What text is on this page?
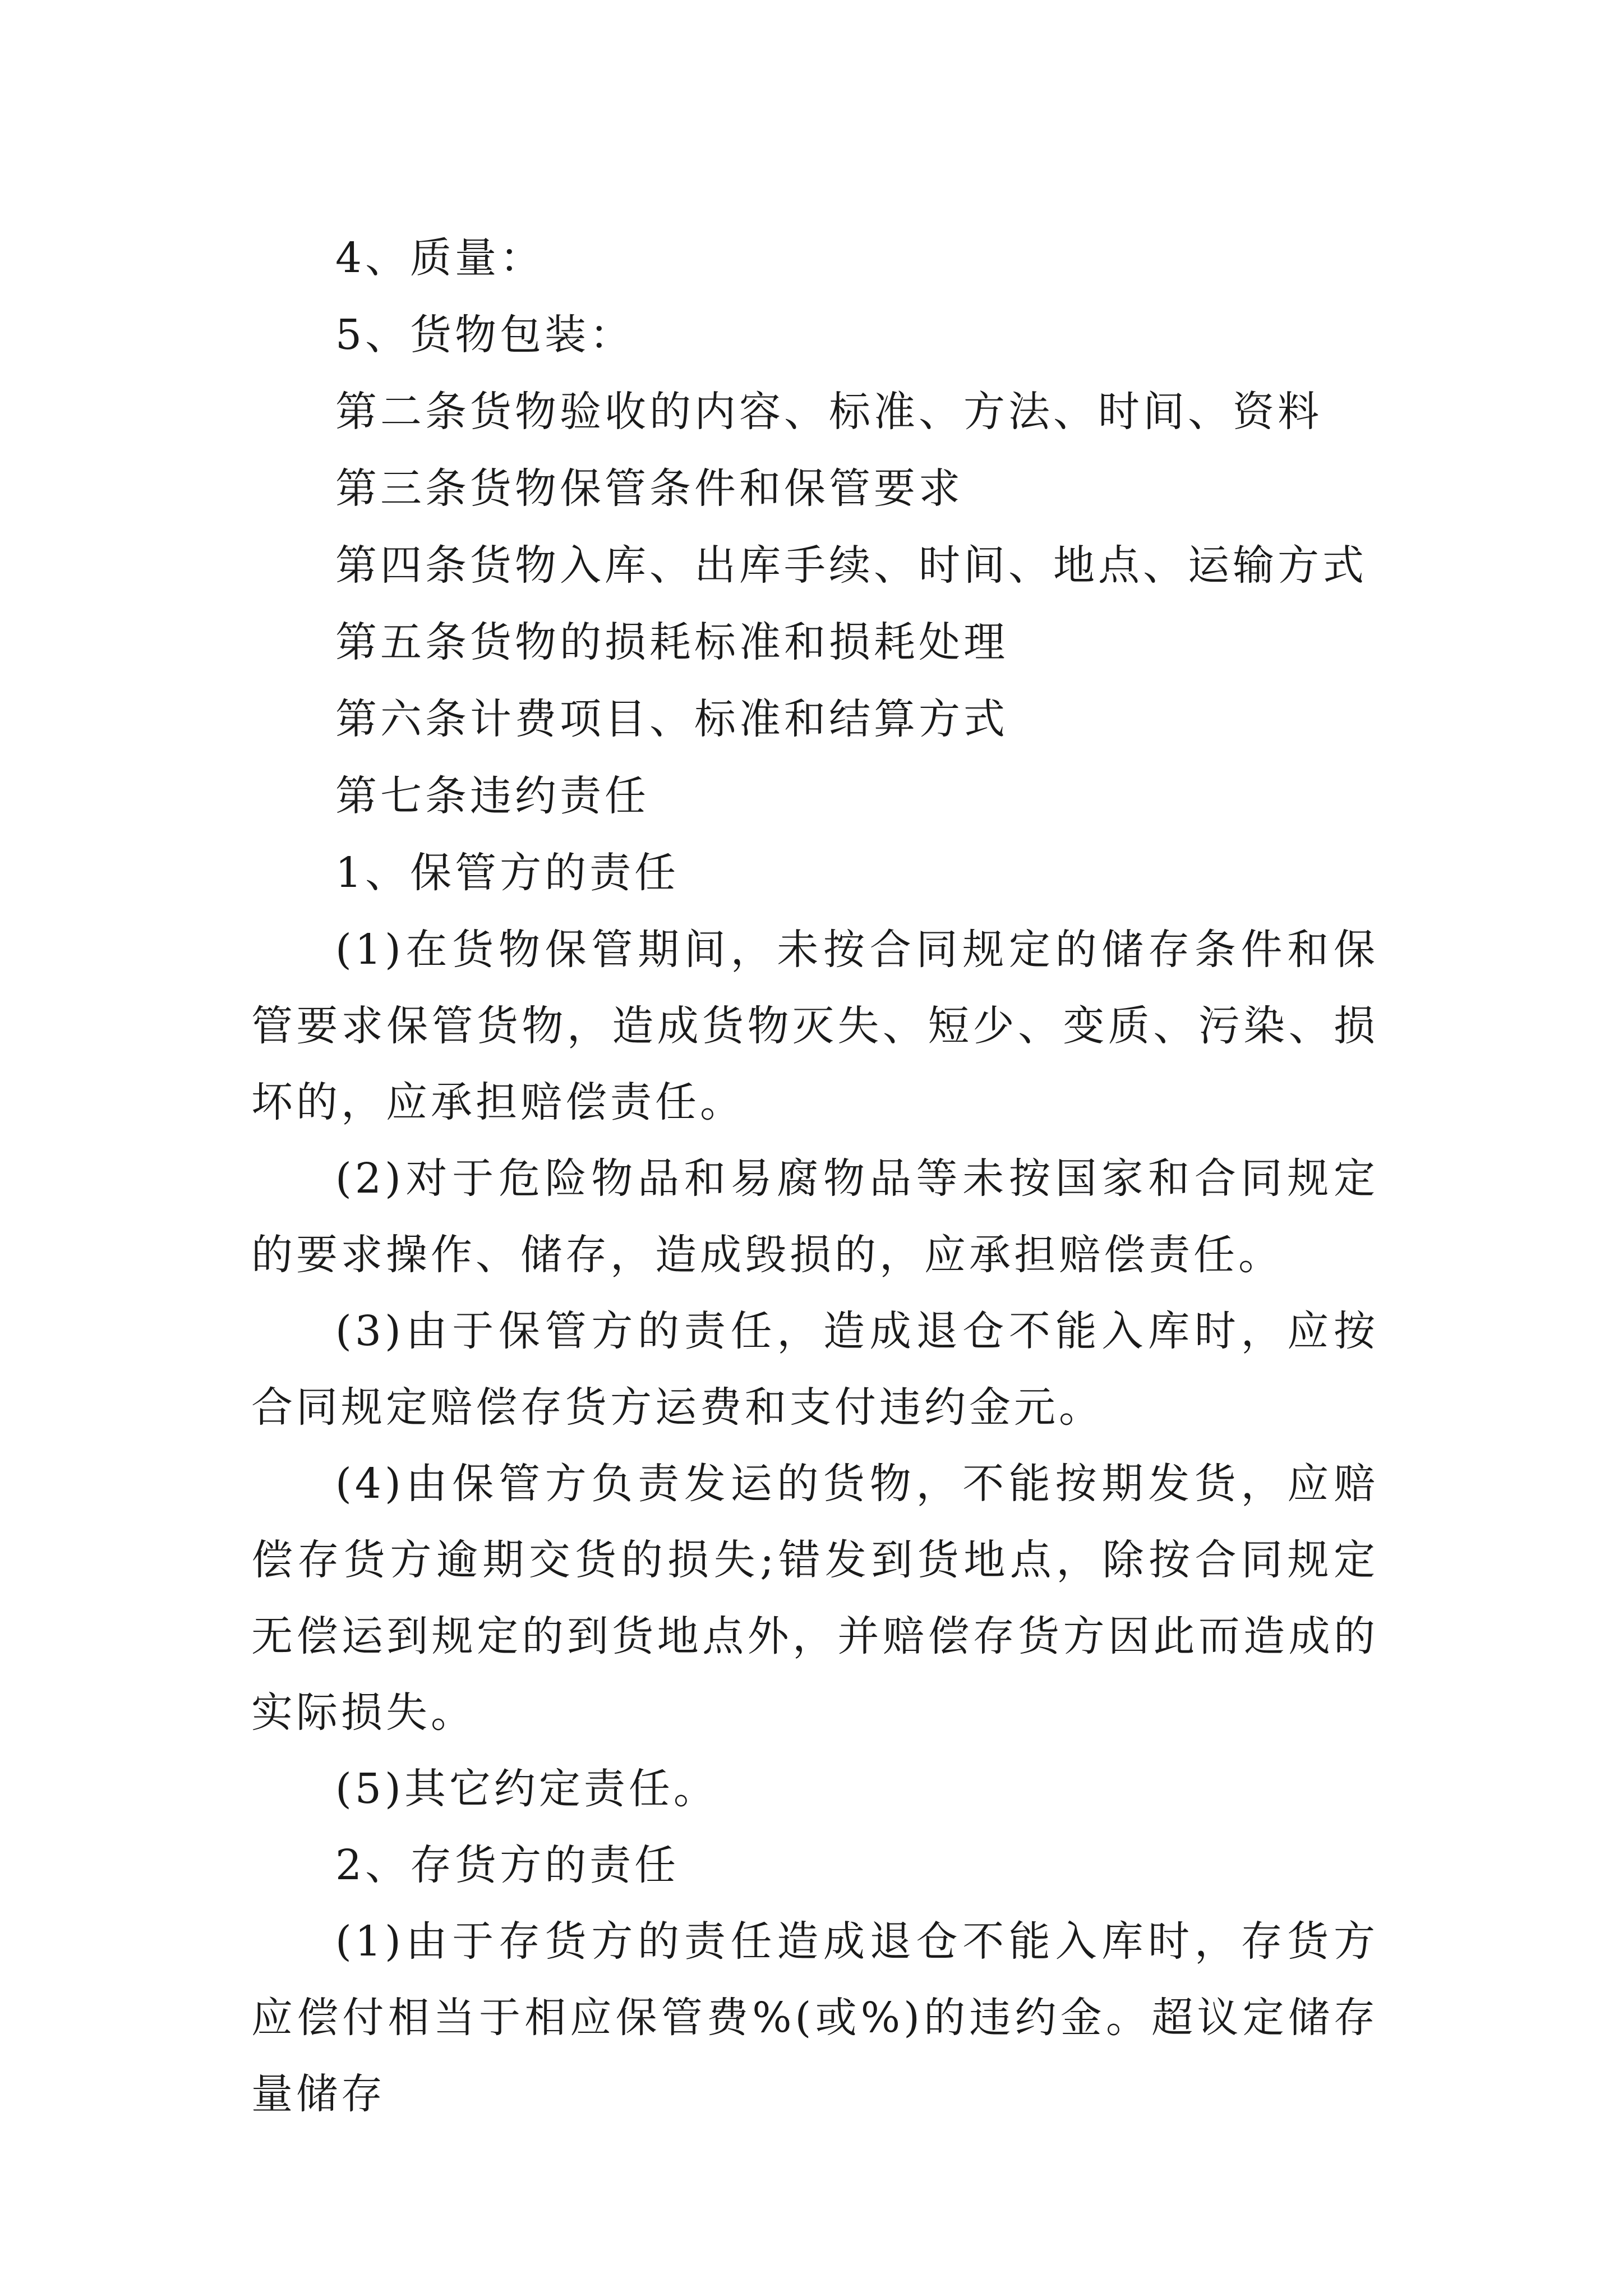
4、质量：

5、货物包装：

第二条货物验收的内容、标准、方法、时间、资料

第三条货物保管条件和保管要求

第四条货物入库、出库手续、时间、地点、运输方式

第五条货物的损耗标准和损耗处理

第六条计费项目、标准和结算方式

第七条违约责任

1、保管方的责任

(1)在货物保管期间，未按合同规定的储存条件和保管要求保管货物，造成货物灭失、短少、变质、污染、损坏的，应承担赔偿责任。

(2)对于危险物品和易腐物品等未按国家和合同规定的要求操作、储存，造成毁损的，应承担赔偿责任。

(3)由于保管方的责任，造成退仓不能入库时，应按合同规定赔偿存货方运费和支付违约金元。

(4)由保管方负责发运的货物，不能按期发货，应赔偿存货方逾期交货的损失;错发到货地点，除按合同规定无偿运到规定的到货地点外，并赔偿存货方因此而造成的实际损失。

(5)其它约定责任。

2、存货方的责任

(1)由于存货方的责任造成退仓不能入库时，存货方应偿付相当于相应保管费%(或%)的违约金。超议定储存量储存
